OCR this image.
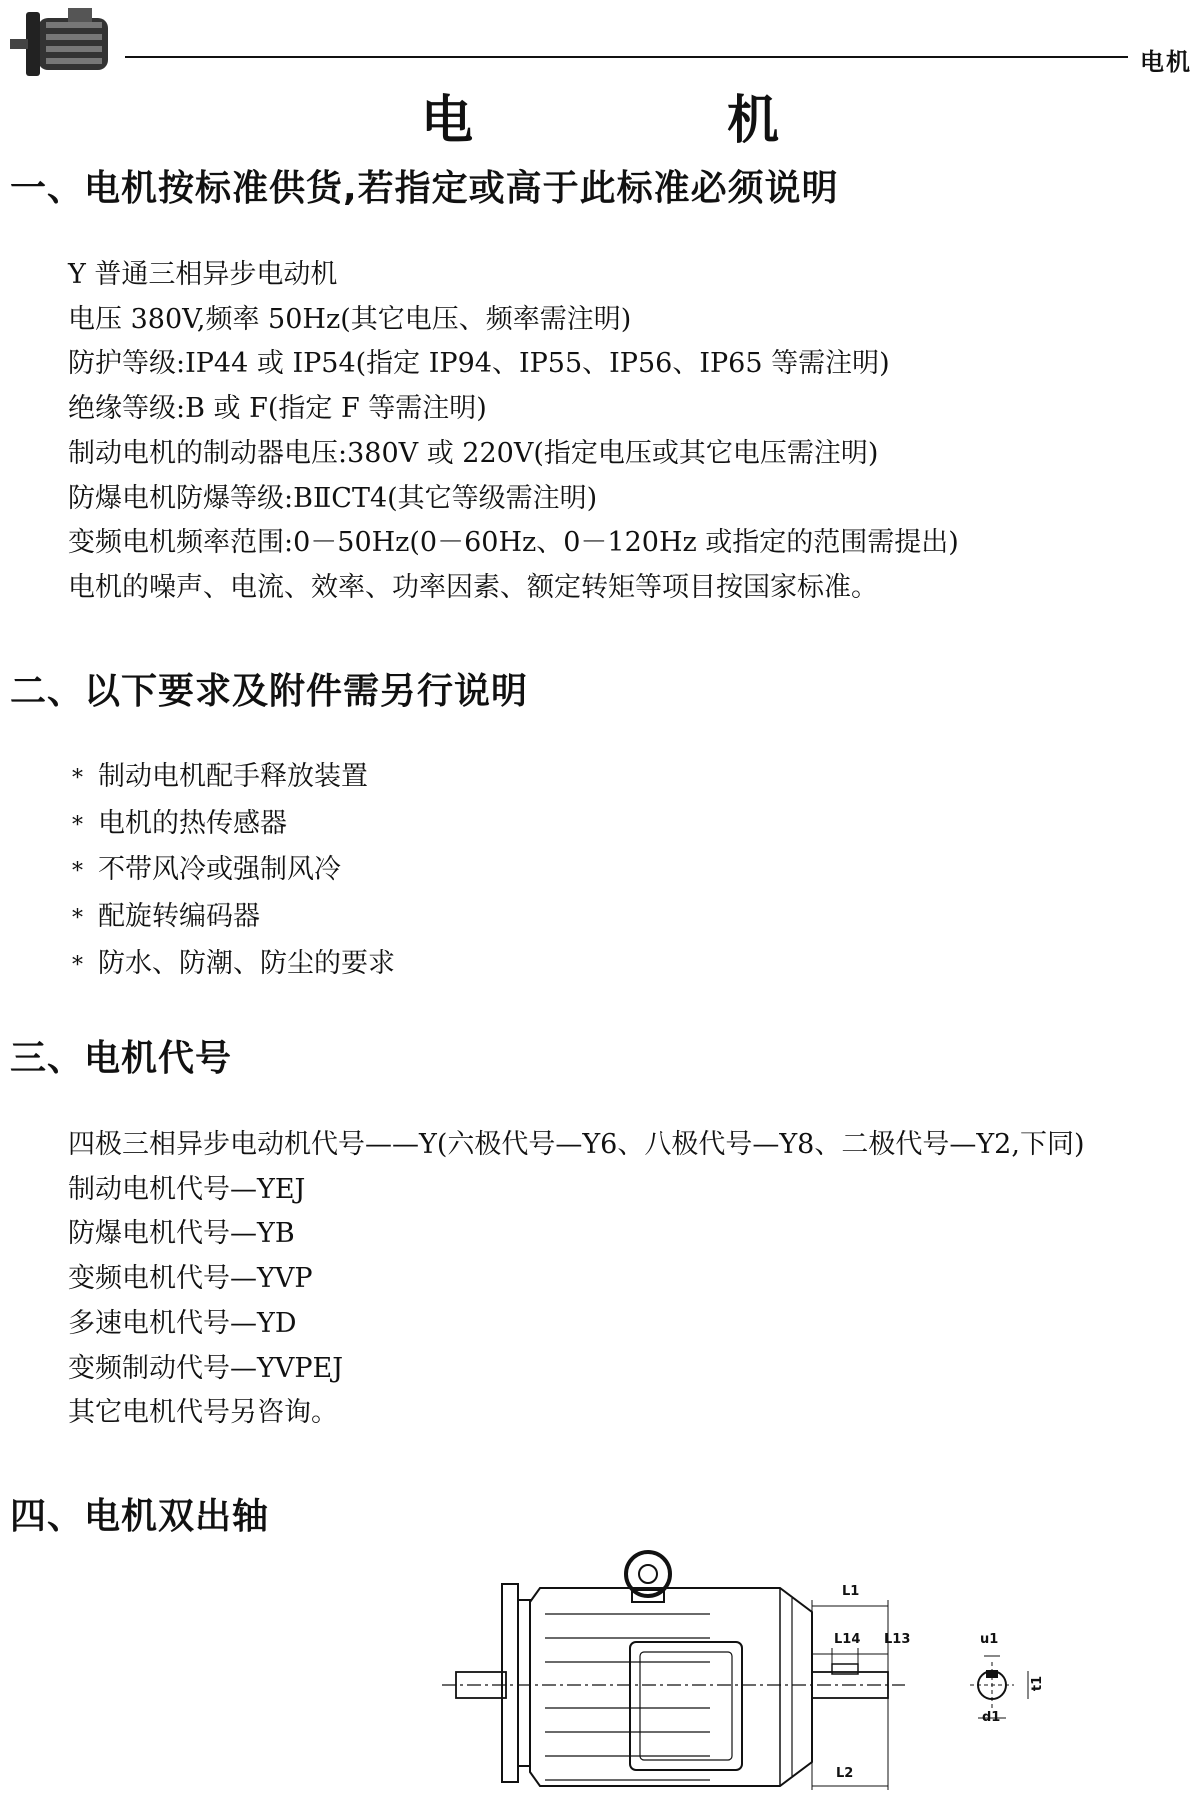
电机
电 机
一、电机按标准供货,若指定或高于此标准必须说明
Y 普通三相异步电动机
电压 380V,频率 50Hz(其它电压、频率需注明)
防护等级:IP44 或 IP54(指定 IP94、IP55、IP56、IP65 等需注明)
绝缘等级:B 或 F(指定 F 等需注明)
制动电机的制动器电压:380V 或 220V(指定电压或其它电压需注明)
防爆电机防爆等级:BⅡCT4(其它等级需注明)
变频电机频率范围:0－50Hz(0－60Hz、0－120Hz 或指定的范围需提出)
电机的噪声、电流、效率、功率因素、额定转矩等项目按国家标准。
二、以下要求及附件需另行说明
* 制动电机配手释放装置
* 电机的热传感器
* 不带风冷或强制风冷
* 配旋转编码器
* 防水、防潮、防尘的要求
三、电机代号
四极三相异步电动机代号——Y(六极代号—Y6、八极代号—Y8、二极代号—Y2,下同)
制动电机代号—YEJ
防爆电机代号—YB
变频电机代号—YVP
多速电机代号—YD
变频制动代号—YVPEJ
其它电机代号另咨询。
四、电机双出轴
L1
L14 L13
L2
u1
t1
d1
